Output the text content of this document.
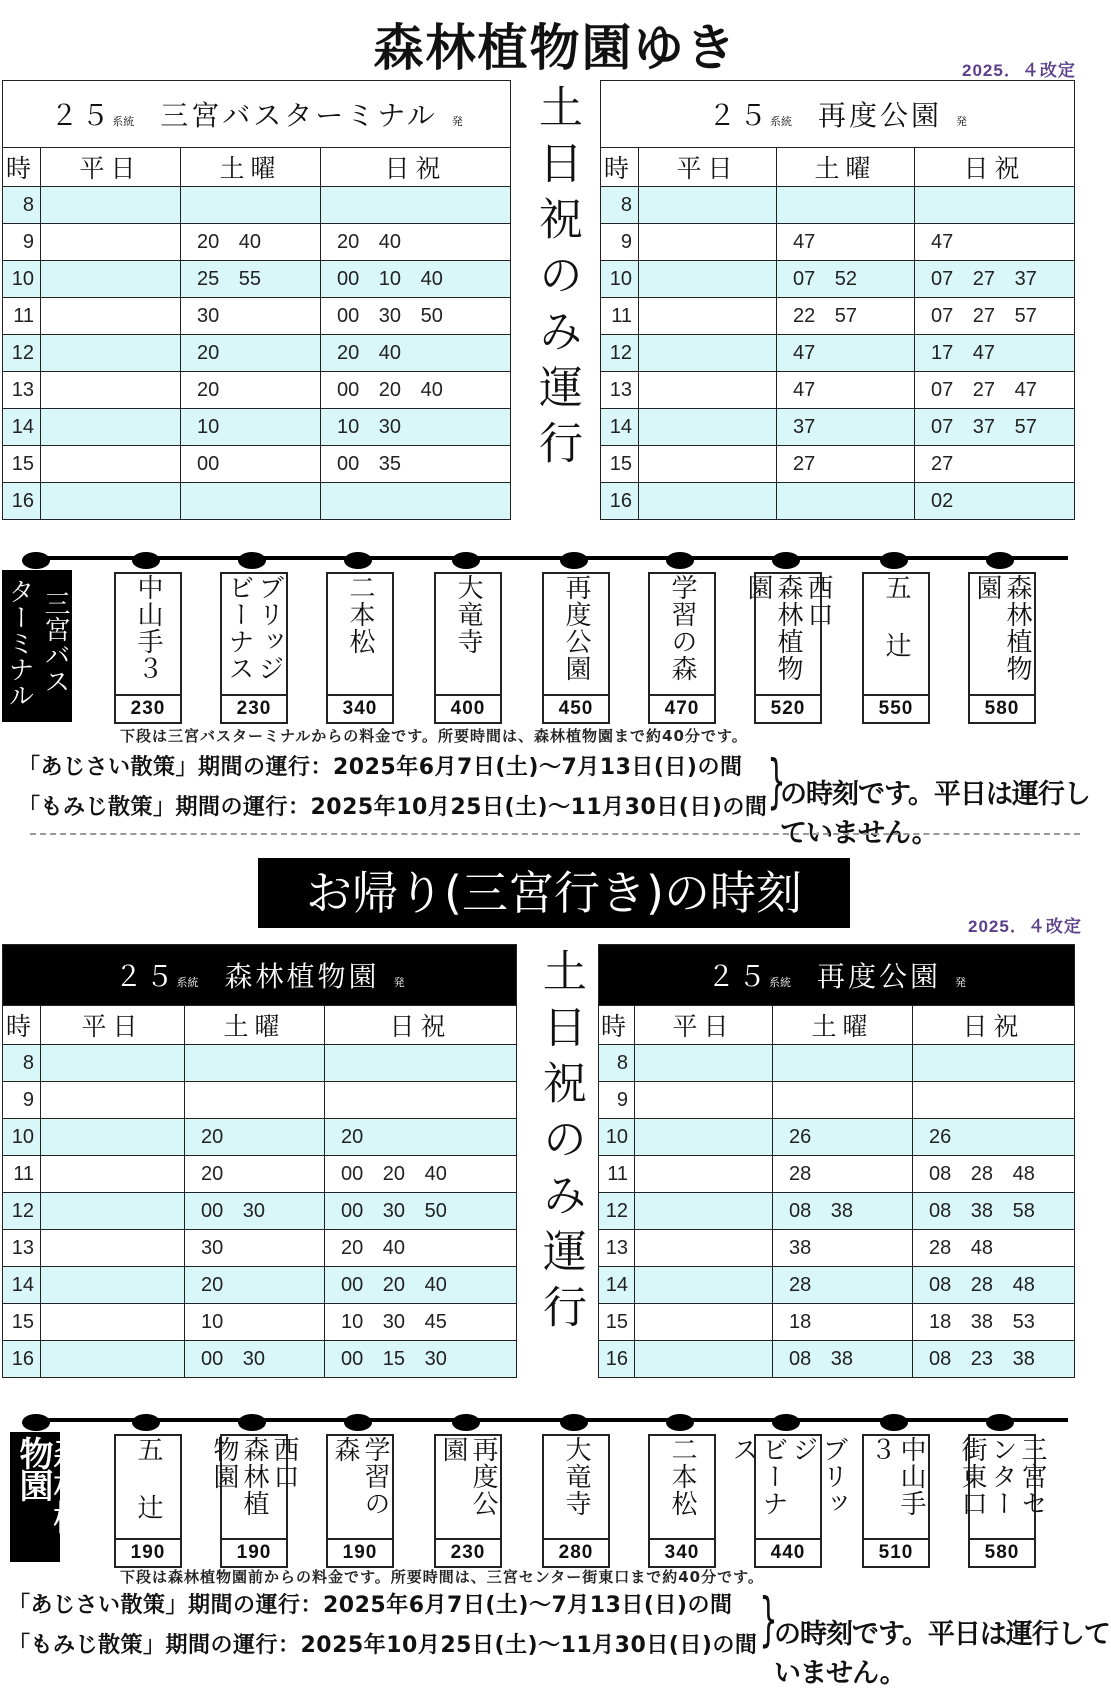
森林植物園ゆき	2025．４改定
２５系統 三宮バスターミナル 発			
時	平日	土曜	日祝
8			
9		20 40	20 40
10		25 55	00 10 40
11		30	00 30 50
12		20	20 40
13		20	00 20 40
14		10	10 30
15		00	00 35
16			
２５系統 再度公園 発			
時	平日	土曜	日祝
8			
9		47	47
10		07 52	07 27 37
11		22 57	07 27 57
12		47	17 47
13		47	07 27 47
14		37	07 37 57
15		27	27
16			02
土日祝のみ運行
三宮バス
ターミナル	中山手３
230
ビーナス ブリッジ
230
二本松
340
大竜寺
400
再度公園
450
学習の森
470
森林植物園	西口
520
五 辻
550
森林植物園
580
下段は三宮バスターミナルからの料金です。所要時間は、森林植物園まで約40分です。
「あじさい散策」期間の運行：2025年6月7日(土)～7月13日(日)の間
「もみじ散策」期間の運行：2025年10月25日(土)～11月30日(日)の間 }
の時刻です。平日は運行していません。
お帰り(三宮行き)の時刻
2025．４改定
２５系統 森林植物園 発			
時	平日	土曜	日祝
8			
9			
10		20	20
11		20	00 20 40
12		00 30	00 30 50
13		30	20 40
14		20	00 20 40
15		10	10 30 45
16		00 30	00 15 30
２５系統 再度公園 発			
時	平日	土曜	日祝
8			
9			
10		26	26
11		28	08 28 48
12		08 38	08 38 58
13		38	28 48
14		28	08 28 48
15		18	18 38 53
16		08 38	08 23 38
土日祝のみ運行
森林植物園	五 辻
190
森林植物園	西口
190
学習の森
190
再度公園
230
大竜寺
280
二本松
340
ビーナス	ブリッジ
440
中山手３
510
三宮センター街東口
580
下段は森林植物園前からの料金です。所要時間は、三宮センター街東口まで約40分です。
「あじさい散策」期間の運行：2025年6月7日(土)～7月13日(日)の間
「もみじ散策」期間の運行：2025年10月25日(土)～11月30日(日)の間 }
の時刻です。平日は運行していません。
